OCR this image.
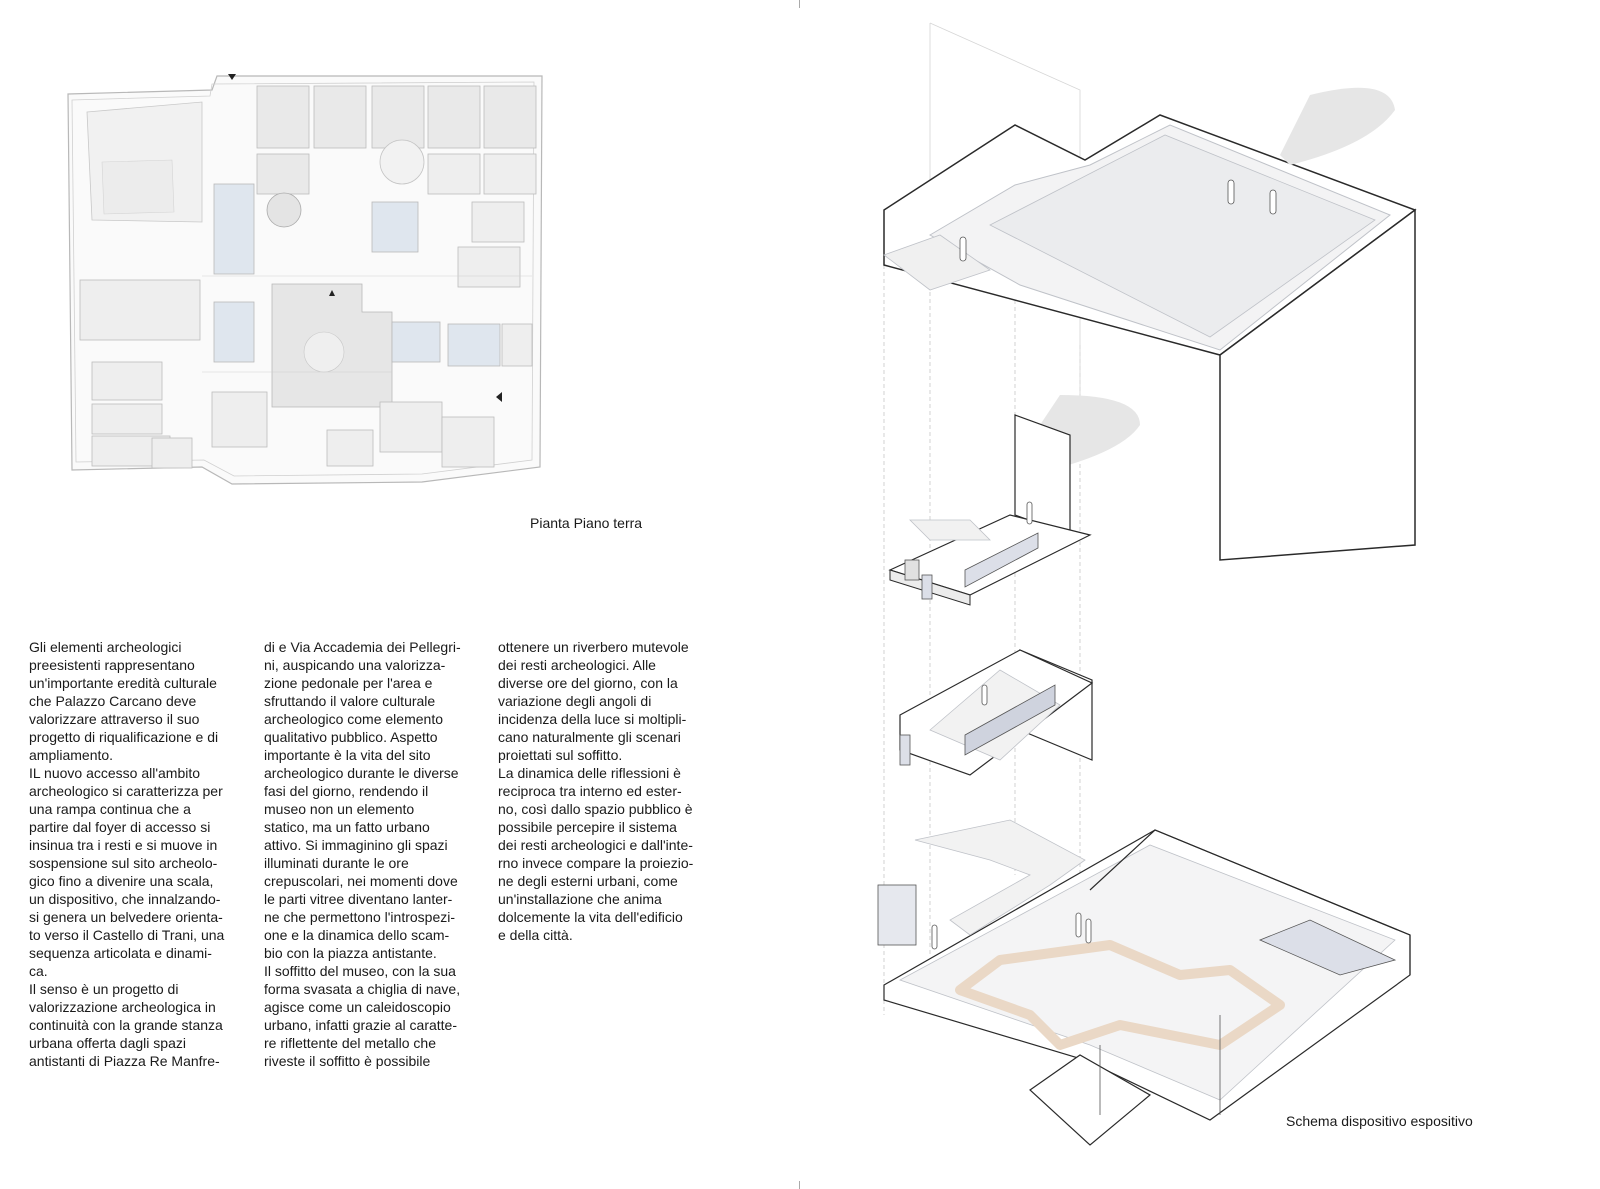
Pianta Piano terra
Gli elementi archeologici
preesistenti rappresentano
un'importante eredità culturale
che Palazzo Carcano deve
valorizzare attraverso il suo
progetto di riqualificazione e di
ampliamento.
IL nuovo accesso all'ambito
archeologico si caratterizza per
una rampa continua che a
partire dal foyer di accesso si
insinua tra i resti e si muove in
sospensione sul sito archeolo-
gico fino a divenire una scala,
un dispositivo, che innalzando-
si genera un belvedere orienta-
to verso il Castello di Trani, una
sequenza articolata e dinami-
ca.
Il senso è un progetto di
valorizzazione archeologica in
continuità con la grande stanza
urbana offerta dagli spazi
antistanti di Piazza Re Manfre-
di e Via Accademia dei Pellegri-
ni, auspicando una valorizza-
zione pedonale per l'area e
sfruttando il valore culturale
archeologico come elemento
qualitativo pubblico. Aspetto
importante è la vita del sito
archeologico durante le diverse
fasi del giorno, rendendo il
museo non un elemento
statico, ma un fatto urbano
attivo. Si immaginino gli spazi
illuminati durante le ore
crepuscolari, nei momenti dove
le parti vitree diventano lanter-
ne che permettono l'introspezi-
one e la dinamica dello scam-
bio con la piazza antistante.
Il soffitto del museo, con la sua
forma svasata a chiglia di nave,
agisce come un caleidoscopio
urbano, infatti grazie al caratte-
re riflettente del metallo che
riveste il soffitto è possibile
ottenere un riverbero mutevole
dei resti archeologici. Alle
diverse ore del giorno, con la
variazione degli angoli di
incidenza della luce si moltipli-
cano naturalmente gli scenari
proiettati sul soffitto.
La dinamica delle riflessioni è
reciproca tra interno ed ester-
no, così dallo spazio pubblico è
possibile percepire il sistema
dei resti archeologici e dall'inte-
rno invece compare la proiezio-
ne degli esterni urbani, come
un'installazione che anima
dolcemente la vita dell'edificio
e della città.
Schema dispositivo espositivo
